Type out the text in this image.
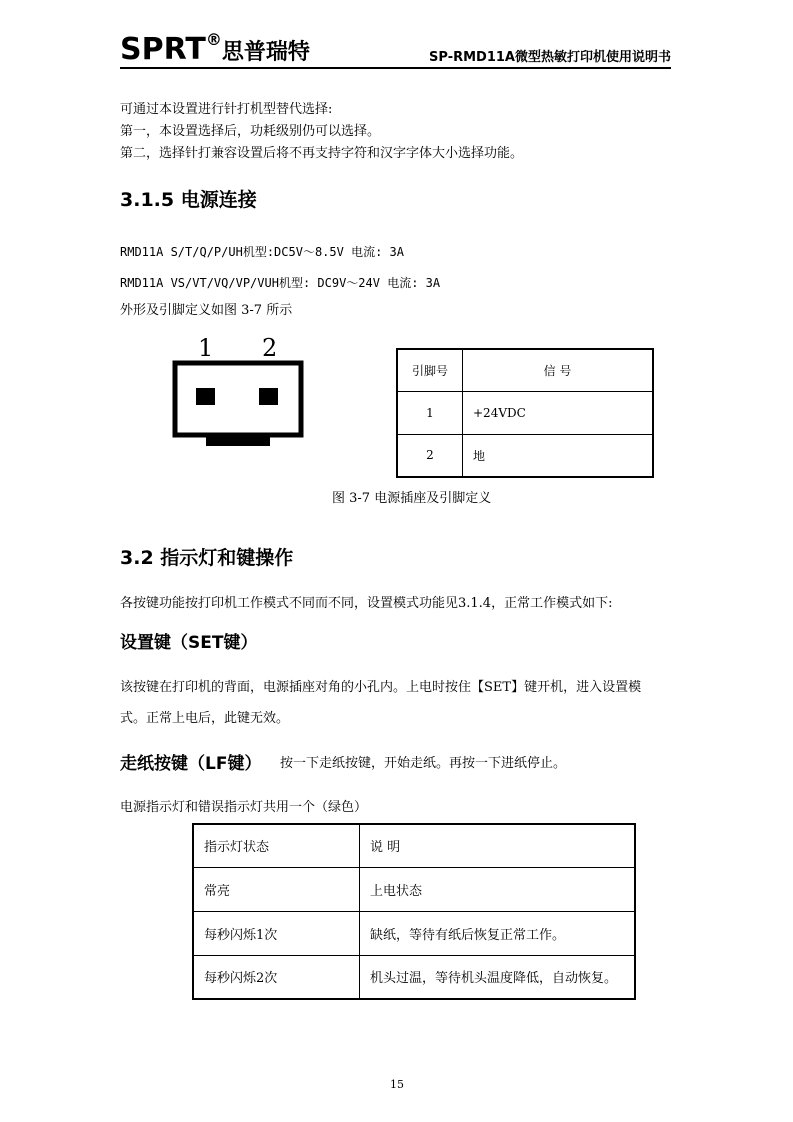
SPRT®思普瑞特	SP-RMD11A微型热敏打印机使用说明书
可通过本设置进行针打机型替代选择:
第一，本设置选择后，功耗级别仍可以选择。
第二，选择针打兼容设置后将不再支持字符和汉字字体大小选择功能。
3.1.5 电源连接
RMD11A S/T/Q/P/UH机型:DC5V～8.5V 电流: 3A
RMD11A VS/VT/VQ/VP/VUH机型: DC9V～24V 电流: 3A
外形及引脚定义如图 3-7 所示
1 2
引脚号	信 号
1	+24VDC
2	地
图 3-7 电源插座及引脚定义
3.2 指示灯和键操作
各按键功能按打印机工作模式不同而不同，设置模式功能见3.1.4，正常工作模式如下:
设置键（SET键）
该按键在打印机的背面，电源插座对角的小孔内。上电时按住【SET】键开机，进入设置模
式。正常上电后，此键无效。
走纸按键（LF键） 按一下走纸按键，开始走纸。再按一下进纸停止。
电源指示灯和错误指示灯共用一个（绿色）
指示灯状态	说 明
常亮	上电状态
每秒闪烁1次	缺纸，等待有纸后恢复正常工作。
每秒闪烁2次	机头过温，等待机头温度降低，自动恢复。
15
